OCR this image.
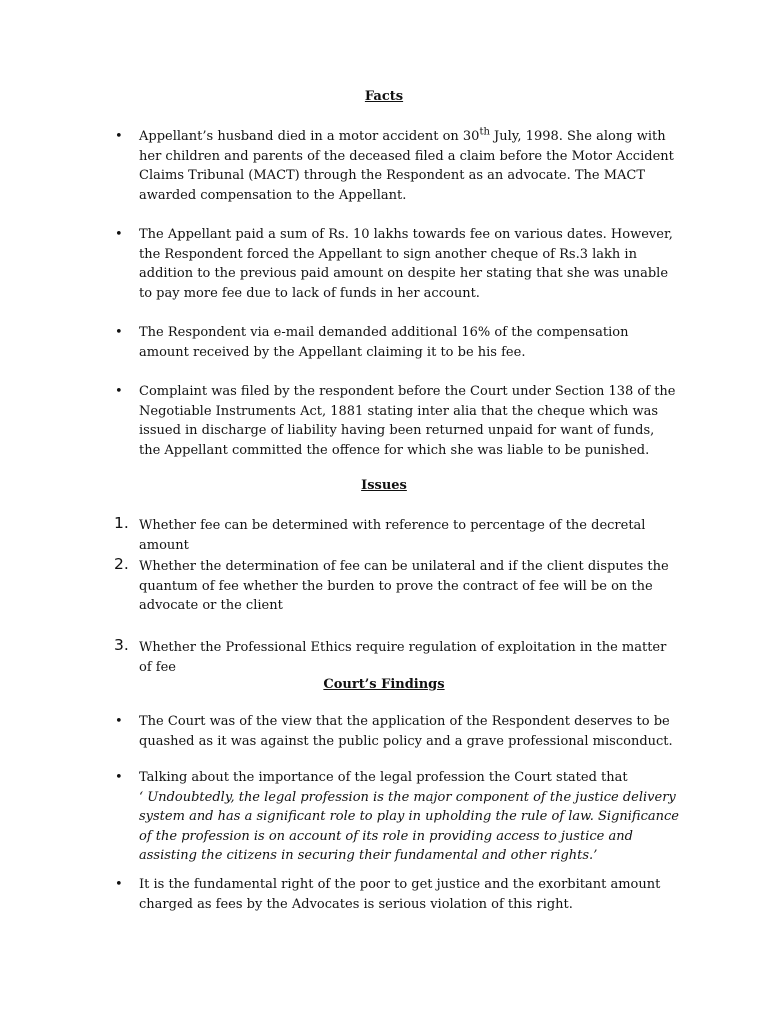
Facts
•	Appellant’s husband died in a motor accident on 30th July, 1998. She along with her children and parents of the deceased filed a claim before the Motor Accident Claims Tribunal (MACT) through the Respondent as an advocate. The MACT awarded compensation to the Appellant.
•	The Appellant paid a sum of Rs. 10 lakhs towards fee on various dates. However, the Respondent forced the Appellant to sign another cheque of Rs.3 lakh in addition to the previous paid amount on despite her stating that she was unable to pay more fee due to lack of funds in her account.
•	The Respondent via e-mail demanded additional 16% of the compensation amount received by the Appellant claiming it to be his fee.
•	Complaint was filed by the respondent before the Court under Section 138 of the Negotiable Instruments Act, 1881 stating inter alia that the cheque which was issued in discharge of liability having been returned unpaid for want of funds, the Appellant committed the offence for which she was liable to be punished.
Issues
1. Whether fee can be determined with reference to percentage of the decretal amount
2. Whether the determination of fee can be unilateral and if the client disputes the quantum of fee whether the burden to prove the contract of fee will be on the advocate or the client
3. Whether the Professional Ethics require regulation of exploitation in the matter of fee
Court’s Findings
•	The Court was of the view that the application of the Respondent deserves to be quashed as it was against the public policy and a grave professional misconduct.
•	Talking about the importance of the legal profession the Court stated that
‘ Undoubtedly, the legal profession is the major component of the justice delivery system and has a significant role to play in upholding the rule of law. Significance of the profession is on account of its role in providing access to justice and assisting the citizens in securing their fundamental and other rights.’
•	It is the fundamental right of the poor to get justice and the exorbitant amount charged as fees by the Advocates is serious violation of this right.
